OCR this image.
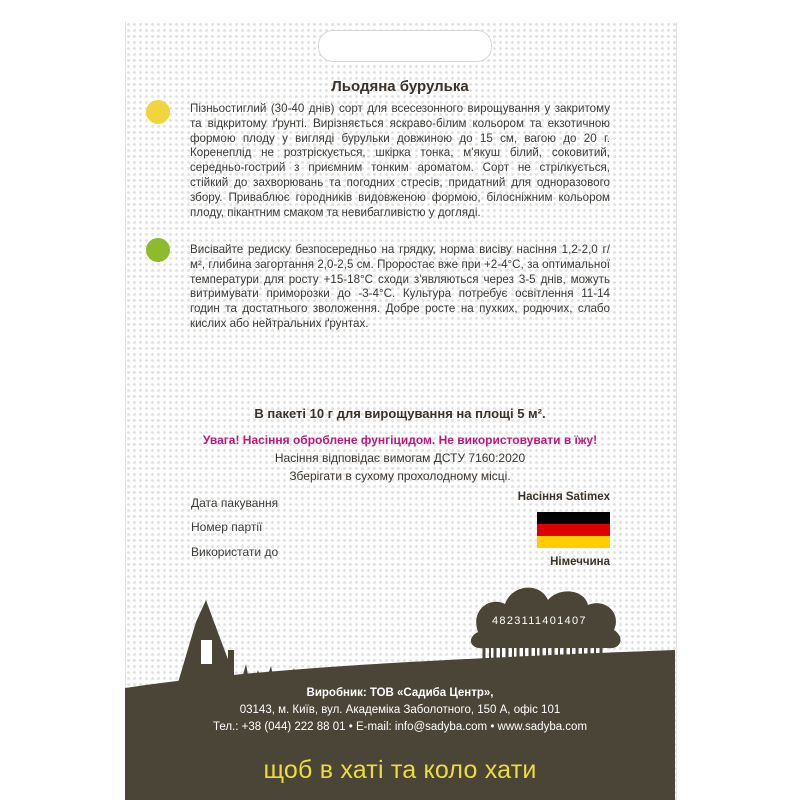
Льодяна бурулька
Пізньостиглий (30-40 днів) сорт для всесезонного вирощування у закритому та відкритому ґрунті. Вирізняється яскраво-білим кольором та екзотичною формою плоду у вигляді бурульки довжиною до 15 см, вагою до 20 г. Коренеплід не розтріскується, шкірка тонка, м'якуш білий, соковитий, середньо-гострий з приємним тонким ароматом. Сорт не стрілкується, стійкий до захворювань та погодних стресів, придатний для одноразового збору. Приваблює городників видовженою формою, білосніжним кольором плоду, пікантним смаком та невибагливістю у догляді.
Висівайте редиску безпосередньо на грядку, норма висіву насіння 1,2-2,0 г/м², глибина загортання 2,0-2,5 см. Проростає вже при +2-4°С, за оптимальної температури для росту +15-18°С сходи з'являються через 3-5 днів, можуть витримувати приморозки до -3-4°С. Культура потребує освітлення 11-14 годин та достатнього зволоження. Добре росте на пухких, родючих, слабо кислих або нейтральних ґрунтах.
В пакеті 10 г для вирощування на площі 5 м².
Увага! Насіння оброблене фунгіцидом. Не використовувати в їжу!
Насіння відповідає вимогам ДСТУ 7160:2020
Зберігати в сухому прохолодному місці.
Дата пакування
Номер партії
Використати до
Насіння Satimex
Німеччина
4823111401407
Виробник: ТОВ «Садиба Центр»,
03143, м. Київ, вул. Академіка Заболотного, 150 А, офіс 101
Тел.: +38 (044) 222 88 01 • E-mail: info@sadyba.com • www.sadyba.com
щоб в хаті та коло хати
